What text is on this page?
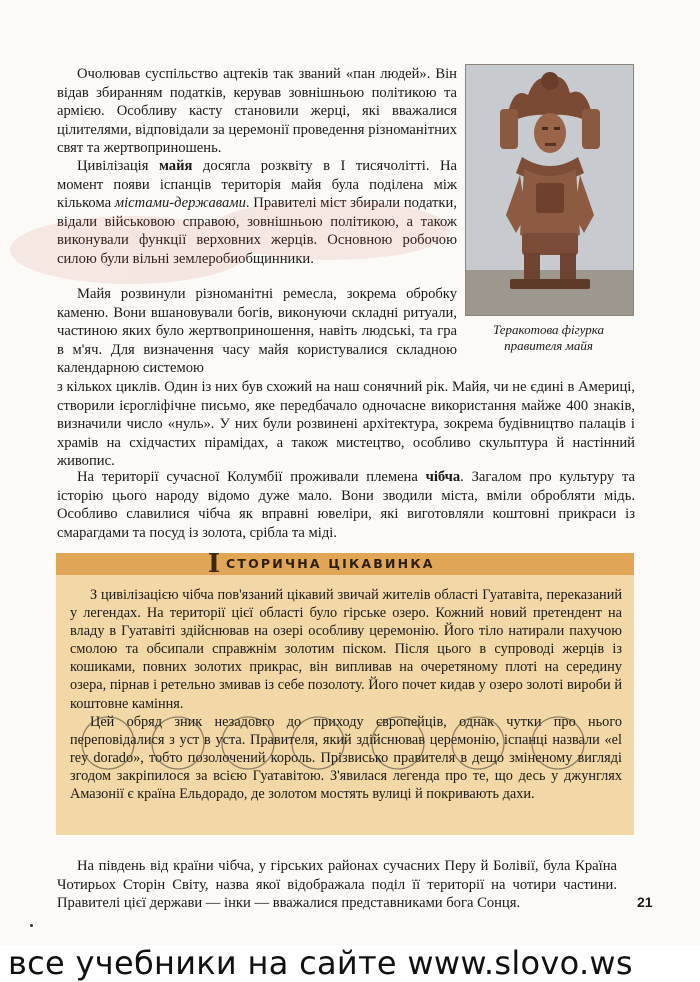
Очолював суспільство ацтеків так званий «пан людей». Він відав збиранням податків, керував зовнішньою політикою та армією. Особливу касту становили жерці, які вважалися цілителями, відповідали за церемонії проведення різноманітних свят та жертвоприношень.

Цивілізація майя досягла розквіту в І тисячолітті. На момент появи іспанців територія майя була поділена між кількома містами-державами. Правителі міст збирали податки, відали військовою справою, зовнішньою політикою, а також виконували функції верховних жерців. Основною робочою силою були вільні землеробиобщинники.

Майя розвинули різноманітні ремесла, зокрема обробку каменю. Вони вшановували богів, виконуючи складні ритуали, частиною яких було жертвоприношення, навіть людські, та гра в м'яч. Для визначення часу майя користувалися складною календарною системою

з кількох циклів. Один із них був схожий на наш сонячний рік. Майя, чи не єдині в Америці, створили ієрогліфічне письмо, яке передбачало одночасне використання майже 400 знаків, визначили число «нуль». У них були розвинені архітектура, зокрема будівництво палаців і храмів на східчастих пірамідах, а також мистецтво, особливо скульптура й настінний живопис.

На території сучасної Колумбії проживали племена чібча. Загалом про культуру та історію цього народу відомо дуже мало. Вони зводили міста, вміли обробляти мідь. Особливо славилися чібча як вправні ювеліри, які виготовляли коштовні прикраси із смарагдами та посуд із золота, срібла та міді.

Теракотова фігурка правителя майя
І СТОРИЧНА ЦІКАВИНКА

З цивілізацією чібча пов'язаний цікавий звичай жителів області Гуатавіта, переказаний у легендах. На території цієї області було гірське озеро. Кожний новий претендент на владу в Гуатавіті здійснював на озері особливу церемонію. Його тіло натирали пахучою смолою та обсипали справжнім золотим піском. Після цього в супроводі жерців із кошиками, повних золотих прикрас, він випливав на очеретяному плоті на середину озера, пірнав і ретельно змивав із себе позолоту. Його почет кидав у озеро золоті вироби й коштовне каміння.

Цей обряд зник незадовго до приходу європейців, однак чутки про нього переповідалися з уст в уста. Правителя, який здійснював церемонію, іспанці назвали «el rey dorado», тобто позолочений король. Прізвисько правителя в дещо зміненому вигляді згодом закріпилося за всією Гуатавітою. З'явилася легенда про те, що десь у джунглях Амазонії є країна Ельдорадо, де золотом мостять вулиці й покривають дахи.

На південь від країни чібча, у гірських районах сучасних Перу й Болівії, була Країна Чотирьох Сторін Світу, назва якої відображала поділ її території на чотири частини. Правителі цієї держави — інки — вважалися представниками бога Сонця.	21
все учебники на сайте www.slovo.ws
